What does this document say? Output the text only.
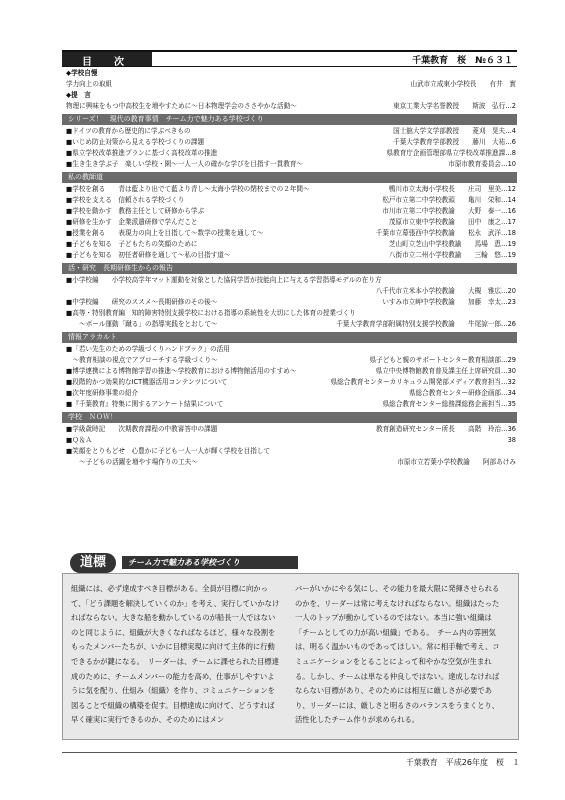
目　次	千葉教育　桜　№６３１
◆学校自慢
学力向上の取組	山武市立成東小学校長　　有井　實
◆提　言
物理に興味をもつ中高校生を増やすために～日本物理学会のささやかな活動～	東京工業大学名誉教授　　斯波　弘行…2
シリーズ！　現代の教育事情　チーム力で魅力ある学校づくり
■ドイツの教育から歴史的に学ぶべきもの	国士舘大学文学部教授　　菱刈　晃夫…4
■いじめ防止対策から見える学校づくりの課題	千葉大学教育学部教授　　藤川　大祐…6
■県立学校改革推進プランに基づく高校改革の推進	県教育庁企画管理部県立学校改革推進課…8
■生き生き学ぶ子　楽しい学校・園～一人一人の確かな学びを目指す一貫教育～	市原市教育委員会…10
私の教師道
■学校を創る　　青は藍より出でて藍より青し～太海小学校の閉校までの２年間～	鴨川市立太海小学校長　　庄司　里美…12
■学校を支える　信頼される学校づくり	松戸市立第二中学校教頭　　亀川　栄和…14
■学校を動かす　教務主任として研修から学ぶ	市川市立第二中学校教諭　　大野　泰一…16
■研修を生かす　企業派遣研修で学んだこと	茂原市立東中学校教諭　　田中　康之…17
■授業を創る　　表現力の向上を目指して～数学の授業を通して～	千葉市立幕張西中学校教諭　　松永　武洋…18
■子どもを知る　子どもたちの笑顔のために	芝山町立芝山中学校教諭　　馬場　恵…19
■子どもを知る　初任者研修を通して～私の目指す道～	八街市立二州小学校教諭　　三輪　悠…19
活・研究　長期研修生からの報告
■小学校編　　小学校高学年マット運動を対象とした協同学習が技能向上に与える学習指導モデルの在り方
八千代市立米本小学校教諭　　大槻　雅広…20
■中学校編　　研究のススメ～長期研修のその後～	いすみ市立岬中学校教諭　　加藤　幸太…23
■高等・特別教育編　知的障害特別支援学校における指導の系統性を大切にした体育の授業づくり
　　～ボール運動「蹴る」の指導実践をとおして～	千葉大学教育学部附属特別支援学校教諭　　牛尾諒一郎…26
情報アラカルト
■「若い先生のための学級づくりハンドブック」の活用
　～教育相談の視点でアプローチする学級づくり～	県子どもと親のサポートセンター教育相談部…29
■博学連携による博物館学習の推進～学校教育における博物館活用のすすめ～	県立中央博物館教育普及課主任上席研究員…30
■段階的かつ効果的なICT機器活用コンテンツについて	県総合教育センターカリキュラム開発部メディア教育担当…32
■次年度研修事業の紹介	県総合教育センター研修企画部…34
■『千葉教育』特集に関するアンケート結果について	県総合教育センター総務課総務企画担当…35
学校　ＮＯＷ！
■学級歳時記　　次期教育課程の中教審答申の課題	教育創造研究センター所長　　高階　玲治…36
■Ｑ＆Ａ	38
■笑顔をとりもどせ　心豊かに子ども一人一人が輝く学校を目指して
　　～子どもの活躍を増やす場作りの工夫～	市原市立若葉小学校教諭　　阿部あけみ
道標	チーム力で魅力ある学校づくり
組織には、必ず達成すべき目標がある。全員が目標に向かって、「どう課題を解決していくのか」を考え、実行していかなければならない。大きな船を動かしているのが船長一人ではないのと同じように、組織が大きくなればなるほど、様々な役割をもったメンバーたちが、いかに目標実現に向けて主体的に行動できるかが鍵になる。　リーダーは、チームに課せられた目標達成のために、チームメンバーの能力を高め、仕事がしやすいように気を配り、仕組み（組織）を作り、コミュニケーションを図ることで組織の構築を促す。目標達成に向けて、どうすれば早く確実に実行できるのか、そのためにはメン
バーがいかにやる気にし、その能力を最大限に発揮させられるのかを、リーダーは常に考えなければならない。組織はたった一人のトップが動かしているのではない。本当に強い組織は「チームとしての力が高い組織」である。　チーム内の雰囲気は、明るく温かいものであってほしい。常に相手軸で考え、コミュニケーションをとることによって和やかな空気が生まれる。しかし、チームは単なる仲良しではない。達成しなければならない目標があり、そのためには相互に厳しさが必要であり、リーダーには、厳しさと明るさのバランスをうまくとり、活性化したチーム作りが求められる。
千葉教育　平成26年度　桜　１
